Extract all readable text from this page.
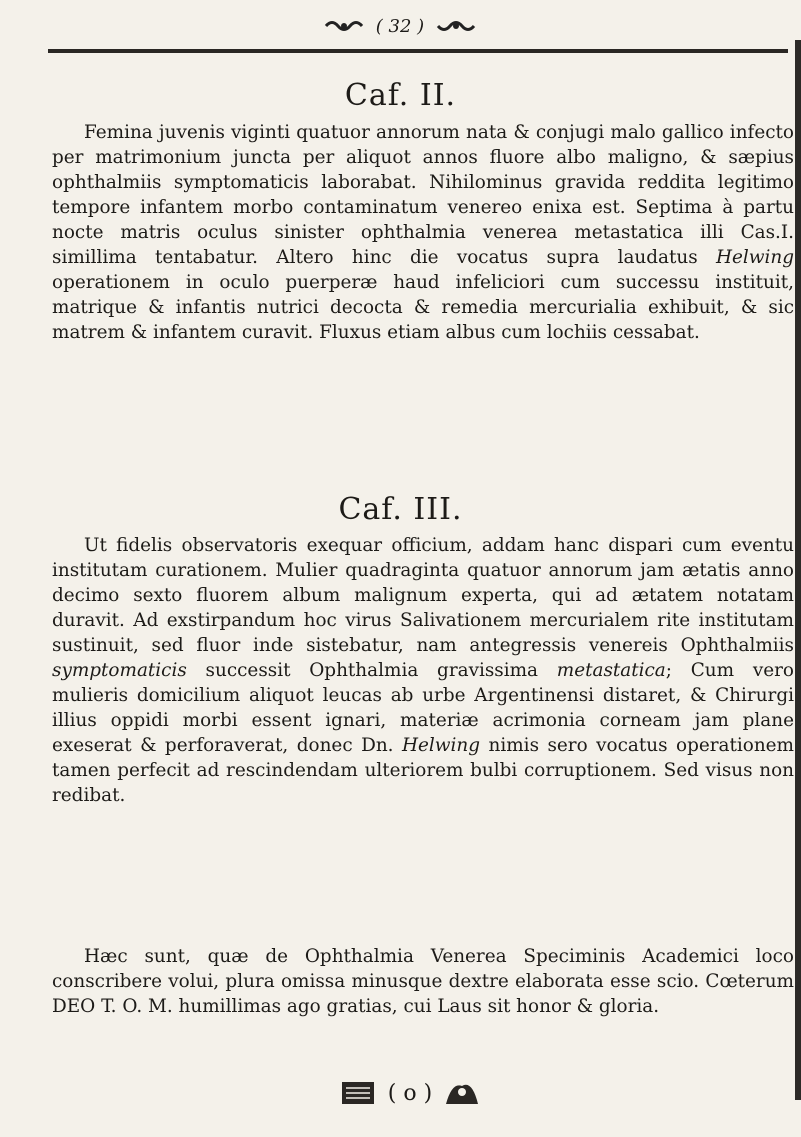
( 32 )
Caf. II.

Femina juvenis viginti quatuor annorum nata & conjugi malo gallico infecto per matrimonium juncta per aliquot annos fluore albo maligno, & sæpius ophthalmiis symptomaticis laborabat. Nihilominus gravida reddita legitimo tempore infantem morbo contaminatum venereo enixa est. Septima à partu nocte matris oculus sinister ophthalmia venerea metastatica illi Cas.I. simillima tentabatur. Altero hinc die vocatus supra laudatus Helwing operationem in oculo puerperæ haud infeliciori cum successu instituit, matrique & infantis nutrici decocta & remedia mercurialia exhibuit, & sic matrem & infantem curavit. Fluxus etiam albus cum lochiis cessabat.

Caf. III.

Ut fidelis observatoris exequar officium, addam hanc dispari cum eventu institutam curationem. Mulier quadraginta quatuor annorum jam ætatis anno decimo sexto fluorem album malignum experta, qui ad ætatem notatam duravit. Ad exstirpandum hoc virus Salivationem mercurialem rite institutam sustinuit, sed fluor inde sistebatur, nam antegressis venereis Ophthalmiis symptomaticis successit Ophthalmia gravissima metastatica; Cum vero mulieris domicilium aliquot leucas ab urbe Argentinensi distaret, & Chirurgi illius oppidi morbi essent ignari, materiæ acrimonia corneam jam plane exeserat & perforaverat, donec Dn. Helwing nimis sero vocatus operationem tamen perfecit ad rescindendam ulteriorem bulbi corruptionem. Sed visus non redibat.

Hæc sunt, quæ de Ophthalmia Venerea Speciminis Academici loco conscribere volui, plura omissa minusque dextre elaborata esse scio. Cœterum DEO T. O. M. humillimas ago gratias, cui Laus sit honor & gloria.

( o )
